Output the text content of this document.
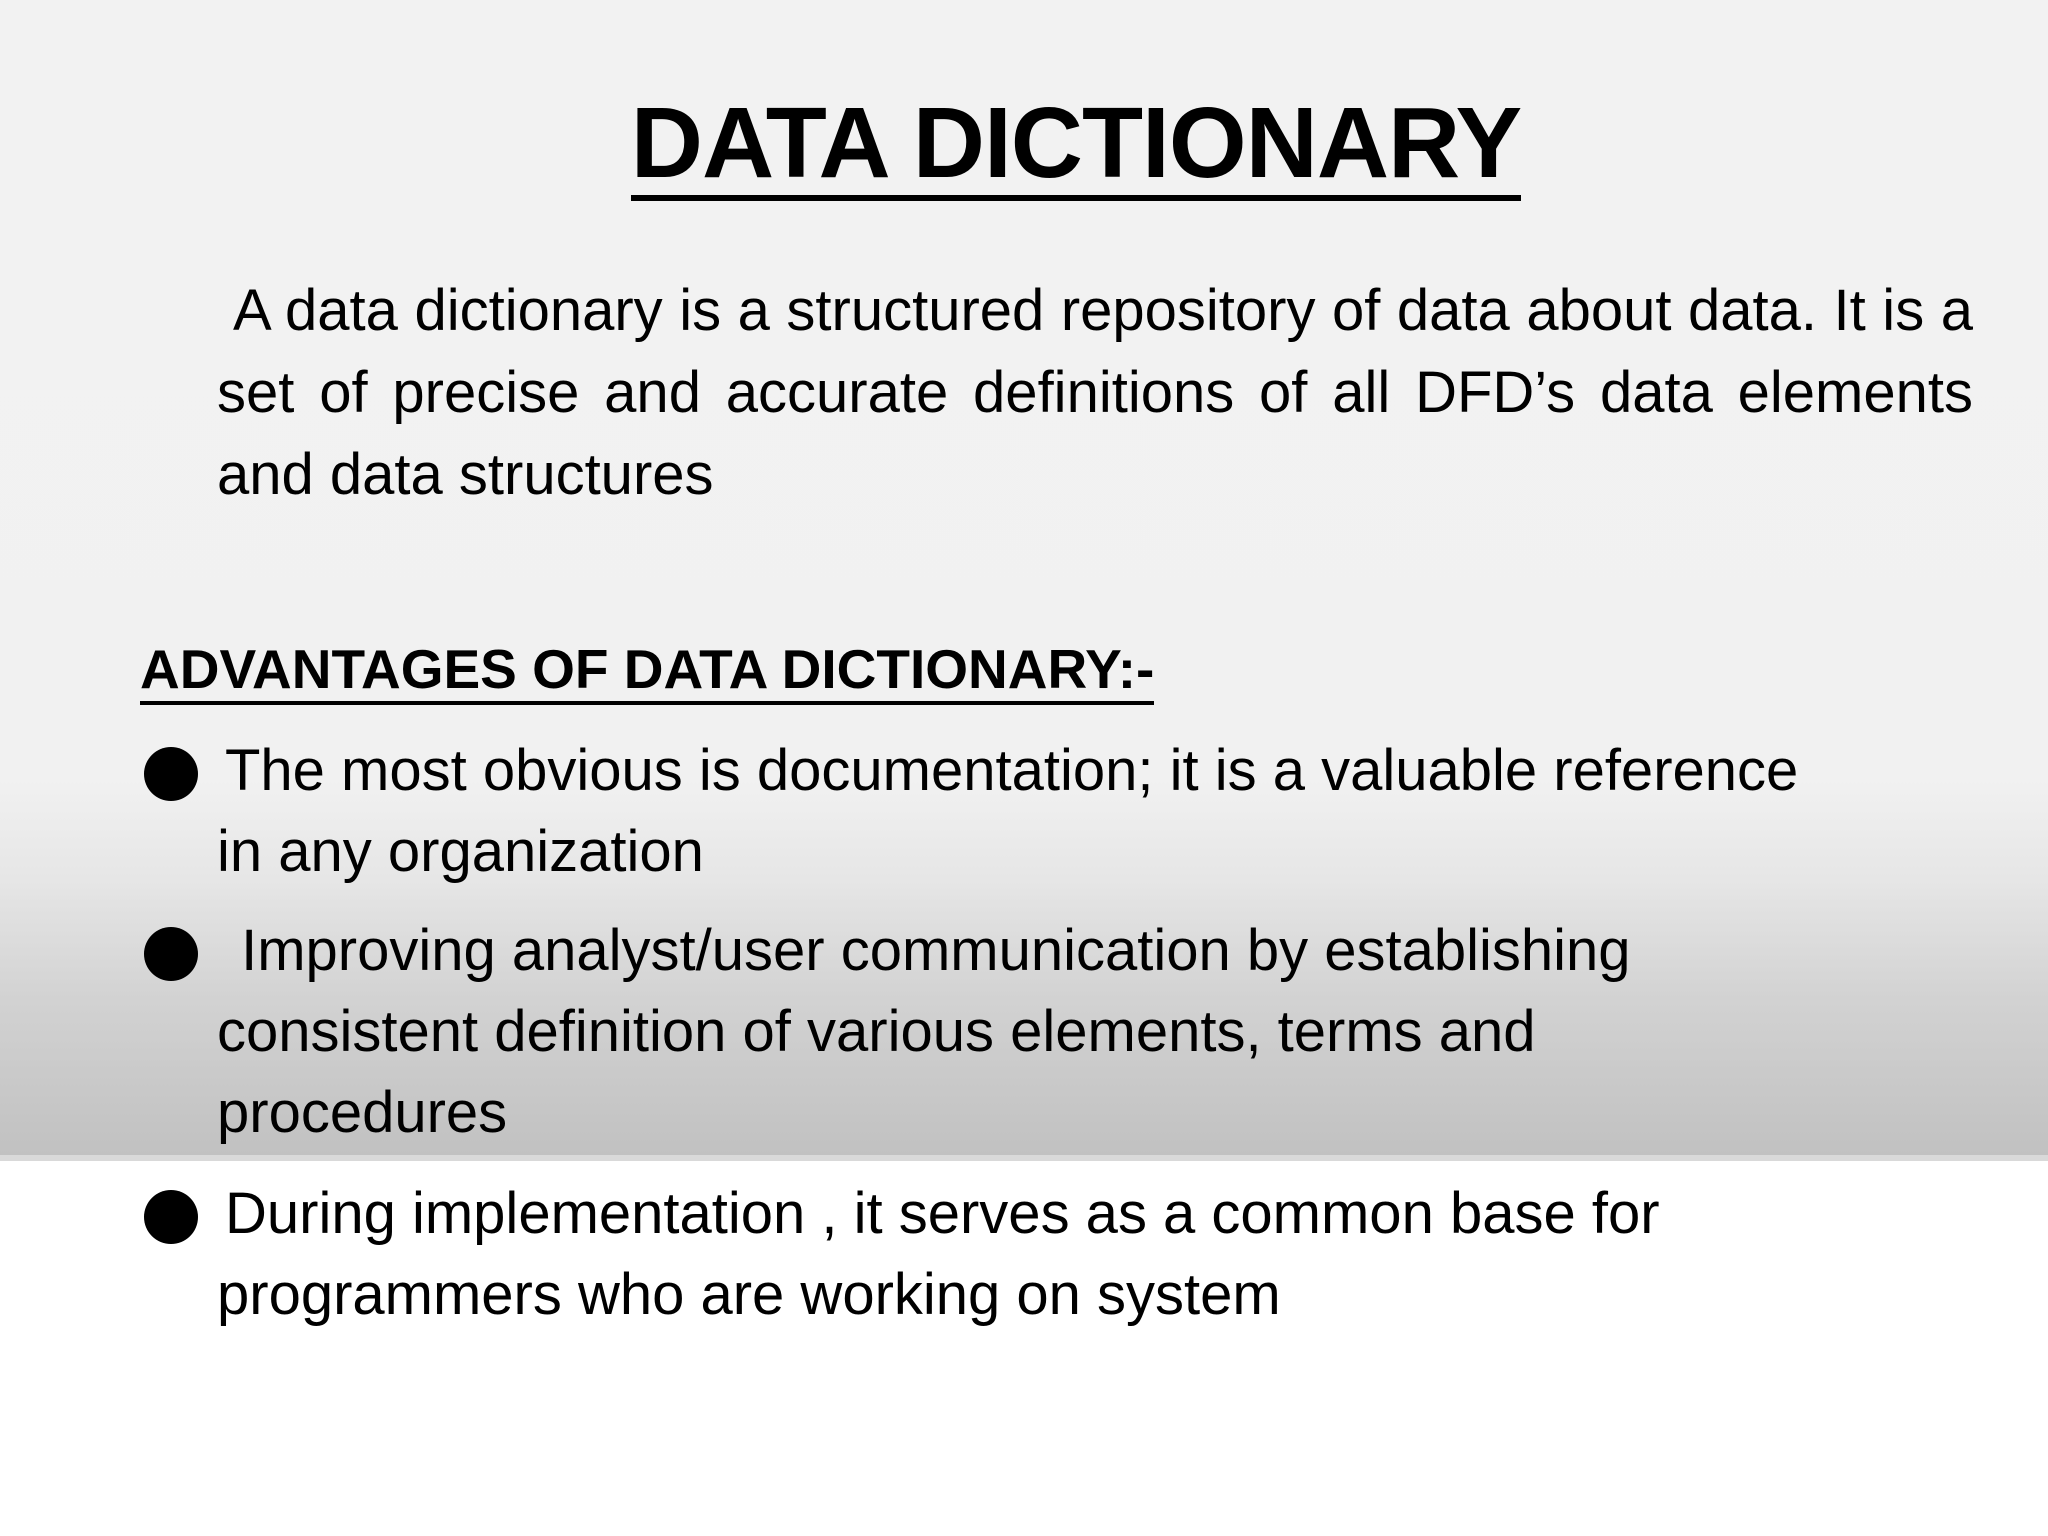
DATA DICTIONARY

A data dictionary is a structured repository of data about data. It is a set of precise and accurate definitions of all DFD’s data elements and data structures

ADVANTAGES OF DATA DICTIONARY:-
The most obvious is documentation; it is a valuable reference
in any organization
Improving analyst/user communication by establishing
consistent definition of various elements, terms and procedures
During implementation , it serves as a common base for
programmers who are working on system
